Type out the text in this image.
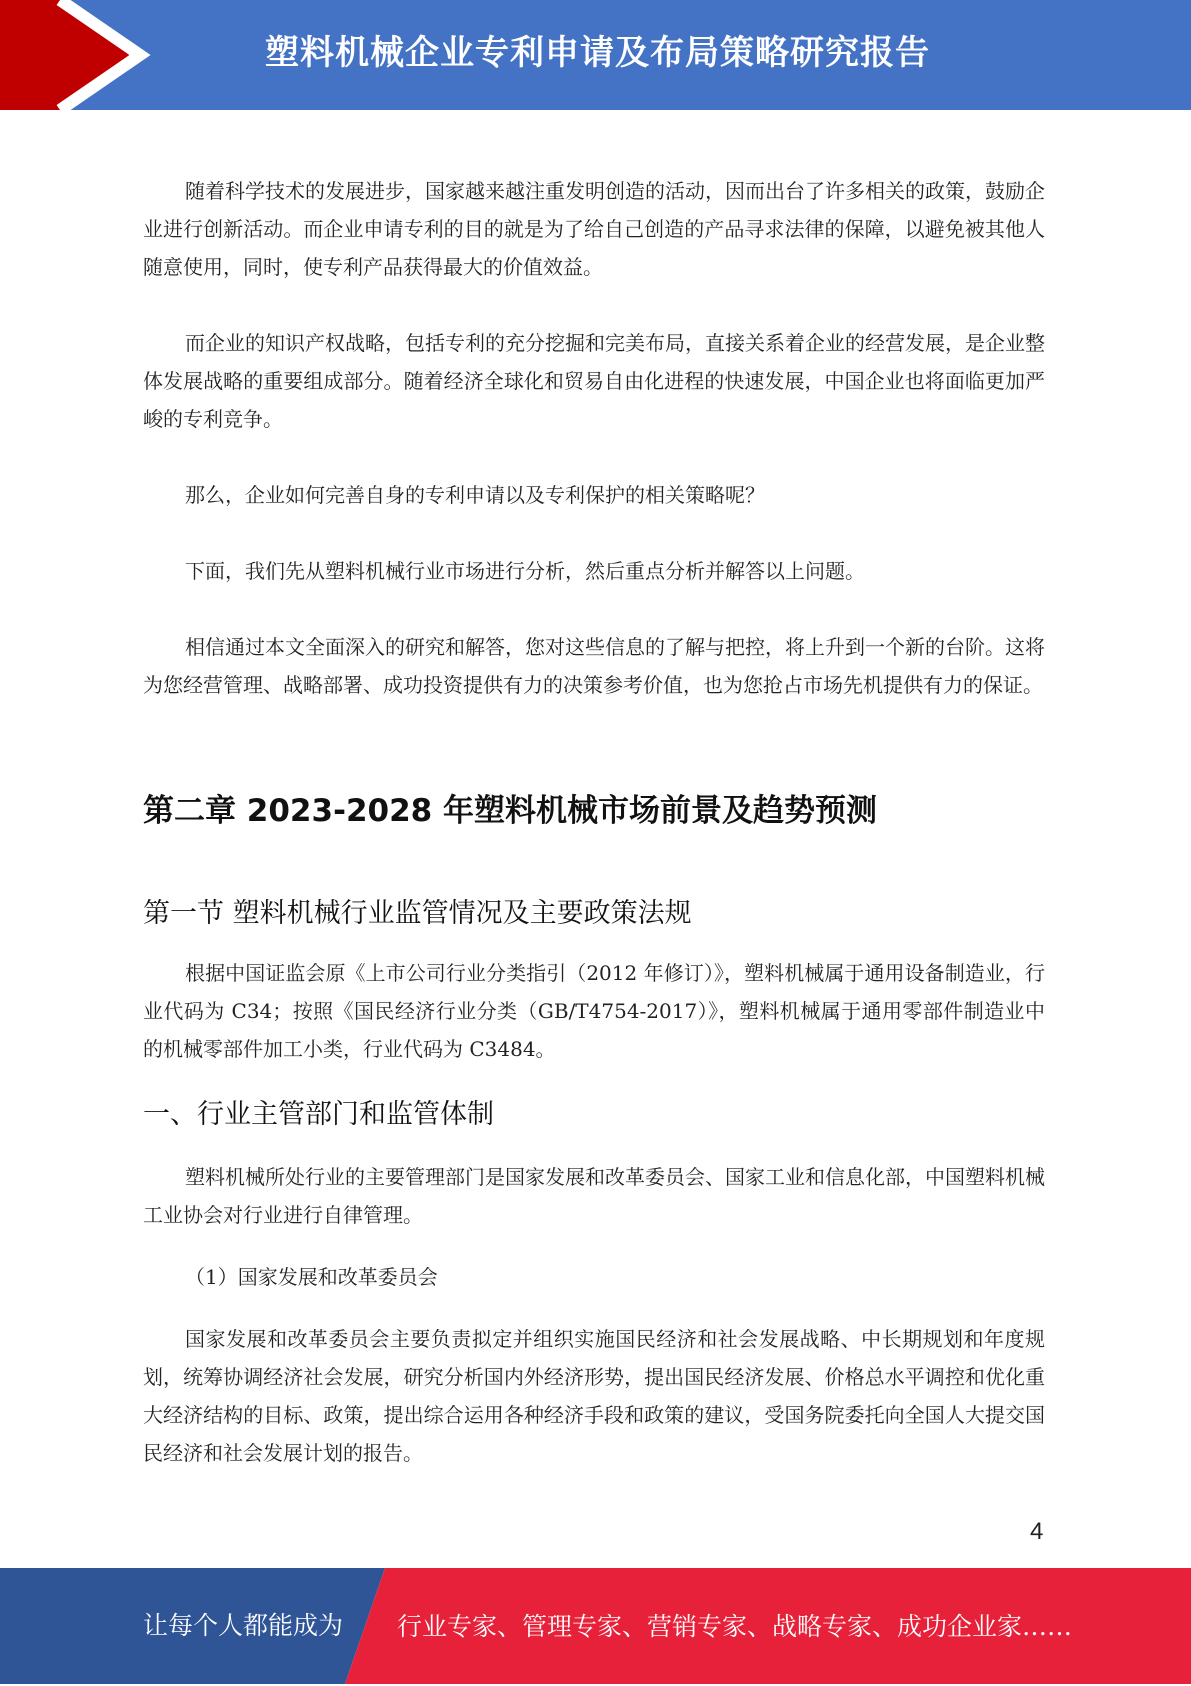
塑料机械企业专利申请及布局策略研究报告

随着科学技术的发展进步，国家越来越注重发明创造的活动，因而出台了许多相关的政策，鼓励企业进行创新活动。而企业申请专利的目的就是为了给自己创造的产品寻求法律的保障，以避免被其他人随意使用，同时，使专利产品获得最大的价值效益。

而企业的知识产权战略，包括专利的充分挖掘和完美布局，直接关系着企业的经营发展，是企业整体发展战略的重要组成部分。随着经济全球化和贸易自由化进程的快速发展，中国企业也将面临更加严峻的专利竞争。

那么，企业如何完善自身的专利申请以及专利保护的相关策略呢？

下面，我们先从塑料机械行业市场进行分析，然后重点分析并解答以上问题。

相信通过本文全面深入的研究和解答，您对这些信息的了解与把控，将上升到一个新的台阶。这将为您经营管理、战略部署、成功投资提供有力的决策参考价值，也为您抢占市场先机提供有力的保证。

第二章 2023-2028 年塑料机械市场前景及趋势预测
第一节 塑料机械行业监管情况及主要政策法规

根据中国证监会原《上市公司行业分类指引（2012 年修订）》，塑料机械属于通用设备制造业，行业代码为 C34；按照《国民经济行业分类（GB/T4754-2017）》，塑料机械属于通用零部件制造业中的机械零部件加工小类，行业代码为 C3484。

一、行业主管部门和监管体制

塑料机械所处行业的主要管理部门是国家发展和改革委员会、国家工业和信息化部，中国塑料机械工业协会对行业进行自律管理。

（1）国家发展和改革委员会

国家发展和改革委员会主要负责拟定并组织实施国民经济和社会发展战略、中长期规划和年度规划，统筹协调经济社会发展，研究分析国内外经济形势，提出国民经济发展、价格总水平调控和优化重大经济结构的目标、政策，提出综合运用各种经济手段和政策的建议，受国务院委托向全国人大提交国民经济和社会发展计划的报告。

4
让每个人都能成为 行业专家、管理专家、营销专家、战略专家、成功企业家……
